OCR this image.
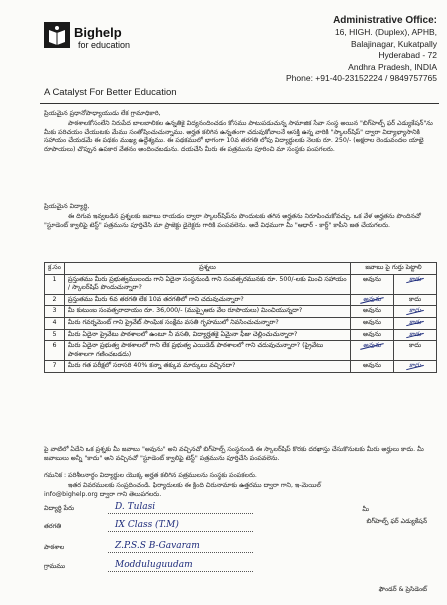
Bighelp
for education
A Catalyst For Better Education
Administrative Office:
16, HIGH. (Duplex), APHB,
Balajinagar, Kukatpally
Hyderabad - 72
Andhra Pradesh, INDIA
Phone: +91-40-23152224 / 9849757765
ప్రియమైన ప్రధానోపాధ్యాయుడు లేక గ్రామాధికారి,
పాఠశాలకోసంలేని నిరుపేద బాలబాలికల ఉన్నతికై విద్యనందించడం కోసము పాటుపడుచున్న సామాజిక సేవా సంస్థ అయిన "బిగ్‌హెల్ప్ ఫర్ ఎడ్యుకేషన్"ను మీకు పరిచయం చేయుటకు మేము సంతోషించుచున్నాము. అర్హత కలిగిన ఉన్నతంగా చదువుకోవాలనే ఆసక్తి ఉన్న వారికి "స్కాలర్‌షిప్" ద్వారా విద్యాభ్యాసానికి సహాయం చేయడమే ఈ పథకం ముఖ్య ఉద్దేశ్యము. ఈ పథకములో భాగంగా 10వ తరగతి లోపు విద్యార్ధులకు నెలకు రూ. 250/- (అక్షరాల రెండువందల యాభై రూపాయలు) చొప్పున ఉపకార వేతనం అందించబడును. దయచేసి మీరు ఈ పత్రమును పూరించి మా సంస్థకు పంపగలరు.
ప్రియమైన విద్యార్థి,
ఈ దిగువ ఇవ్వబడిన ప్రశ్నలకు జవాబు రాయడం ద్వారా స్కాలర్‌షిప్‌ను పొందుటకు తగిన అర్హతను నిరూపించుకోవచ్చు. ఒక వేళ అర్హతను పొందినచో "స్టూడెంట్ క్వాలిఫై టెస్ట్" పత్రమును పూర్తిచేసి మా ప్రాజెక్టు డైరెక్టరు గారికి పంపవలెను. అదే విధముగా మీ "ఆధార్ - కార్డ్" కాపీని జత చేయగలరు.
క్ర.సం	ప్రశ్నలు	జవాబు పై గుర్తు పెట్టాలి	
1	ప్రస్తుతము మీరు ప్రభుత్వములందు గాని ఏదైనా సంస్థనుండి గాని సంవత్సరమునకు రూ. 500/-లకు మించి సహాయం / స్కాలర్‌షిప్ పొందుచున్నారా?	అవును	కాదు
2	ప్రస్తుతము మీరు 6వ తరగతి లేక 10వ తరగతిలో గాని చదువుచున్నారా?	అవును	కాదు
3	మీ కుటుంబ సంవత్సరాదాయం రూ. 36,000/- (ముప్పైఆరు వేల రూపాయలు) మించియున్నదా?	అవును	కాదు
4	మీరు గవర్నమెంట్ గాని ప్రైవేట్ సాంఘిక సంక్షేమ వసతి గృహములో నివసించుచున్నారా?	అవును	కాదు
5	మీరు ఏదైనా ప్రైవేటు పాఠశాలలో ఉంటూ నీ వసతి, విద్యార్హతకై ఏమైనా ఫీజు చెల్లించుచున్నారా?	అవును	కాదు
6	మీరు ఏదైనా ప్రభుత్వ పాఠశాలలో గాని లేక ప్రభుత్వ ఎయిడెడ్ పాఠశాలలో గాని చదువుచున్నారా? (ప్రైవేటు పాఠశాలగా గణించబడదు)	అవును	కాదు
7	మీరు గత పరీక్షలో సరాసరి 40% కన్నా తక్కువ మార్కులు వచ్చినదా?	అవును	కాదు
పై వాటిలో ఏదేని ఒక ప్రశ్నకు మీ జవాబు "అవును" అని వచ్చినచో బిగ్‌హెల్ప్ సంస్థనుండి ఈ స్కాలర్‌షిప్ కొరకు దరఖాస్తు చేసుకొనుటకు మీరు అర్హులు కాదు. మీ జవాబులు అన్నీ "కాదు" అని వచ్చినచో "స్టూడెంట్ క్వాలిఫై టెస్ట్" పత్రమును పూర్తిచేసి పంపవలెను.
గమనిక : పరిశీలనార్థం విద్యార్థుల యొక్క అర్హత కలిగిన పత్రములను సంస్థకు పంపకలరు.
ఇతర వివరములకు సంప్రదించండి. ఫిర్యాదులకు ఈ క్రింది చిరునామాకు ఉత్తరము ద్వారా గాని, ఇ-మెయిల్
info@bighelp.org ద్వారా గాని తెలుపగలరు.
విద్యార్థి పేరు	D. Tulasi
తరగతి	IX Class (T.M)
పాఠశాల	Z.P.S.S B-Gavaram
గ్రామము	Modduluguudam
మీ
బిగ్‌హెల్ప్ ఫర్ ఎడ్యుకేషన్
ఫౌండర్ & ప్రెసిడెంట్
